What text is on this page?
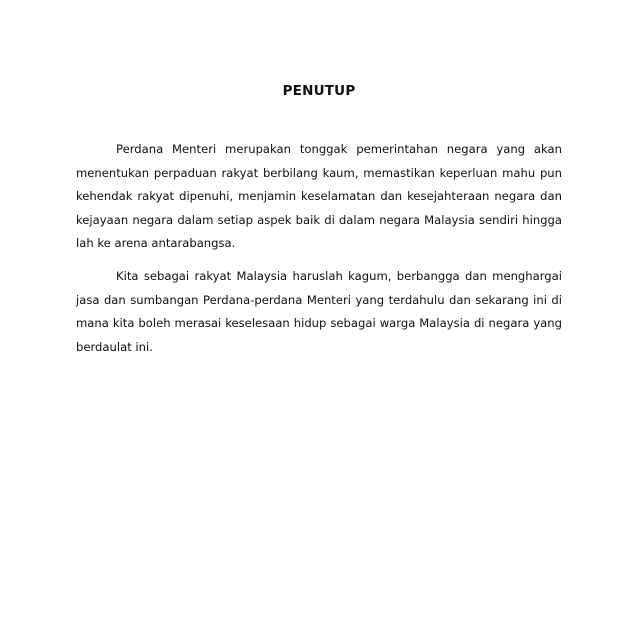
PENUTUP

Perdana Menteri merupakan tonggak pemerintahan negara yang akan menentukan perpaduan rakyat berbilang kaum, memastikan keperluan mahu pun kehendak rakyat dipenuhi, menjamin keselamatan dan kesejahteraan negara dan kejayaan negara dalam setiap aspek baik di dalam negara Malaysia sendiri hingga lah ke arena antarabangsa.

Kita sebagai rakyat Malaysia haruslah kagum, berbangga dan menghargai jasa dan sumbangan Perdana-perdana Menteri yang terdahulu dan sekarang ini di mana kita boleh merasai keselesaan hidup sebagai warga Malaysia di negara yang berdaulat ini.
